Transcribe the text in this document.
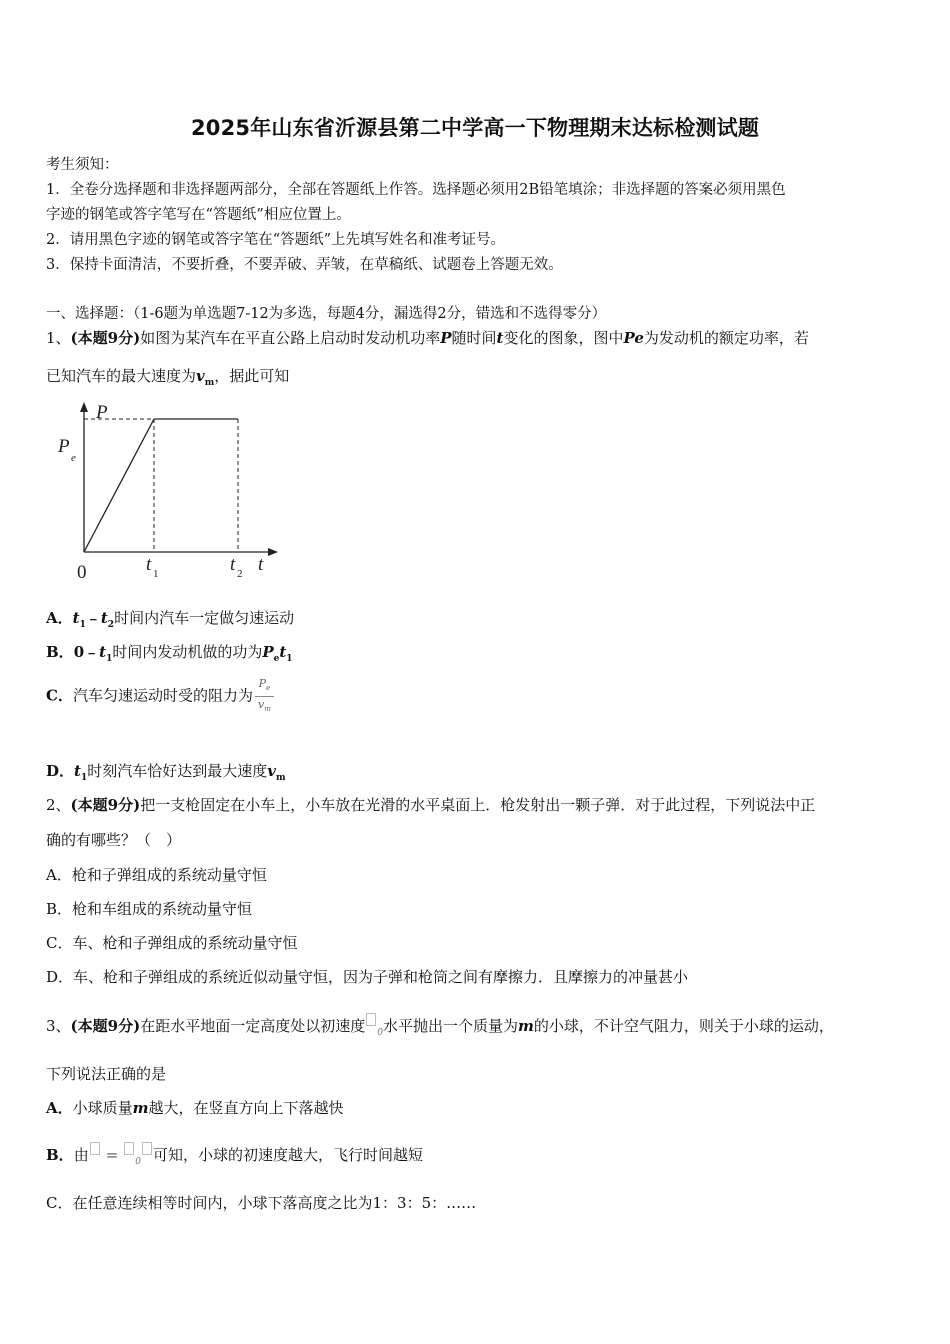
2025年山东省沂源县第二中学高一下物理期末达标检测试题
考生须知：
1．全卷分选择题和非选择题两部分，全部在答题纸上作答。选择题必须用2B铅笔填涂；非选择题的答案必须用黑色
字迹的钢笔或答字笔写在“答题纸”相应位置上。
2．请用黑色字迹的钢笔或答字笔在“答题纸”上先填写姓名和准考证号。
3．保持卡面清洁，不要折叠，不要弄破、弄皱，在草稿纸、试题卷上答题无效。
一、选择题：（1-6题为单选题7-12为多选，每题4分，漏选得2分，错选和不选得零分）
1、(本题9分)如图为某汽车在平直公路上启动时发动机功率P随时间t变化的图象，图中Pe为发动机的额定功率，若
已知汽车的最大速度为$v_m$，据此可知
P
P
e
0	t 1	t 2 t
A．$t_1﹣t_2$时间内汽车一定做匀速运动
B．$0﹣t_1$时间内发动机做的功为$P_et_1$
C．汽车匀速运动时受的阻力为 $\frac{P_e}{v_m}$
D．$t_1$时刻汽车恰好达到最大速度$v_m$
2、(本题9分)把一支枪固定在小车上，小车放在光滑的水平桌面上．枪发射出一颗子弹．对于此过程，下列说法中正
确的有哪些？（　）
A．枪和子弹组成的系统动量守恒
B．枪和车组成的系统动量守恒
C．车、枪和子弹组成的系统动量守恒
D．车、枪和子弹组成的系统近似动量守恒，因为子弹和枪筒之间有摩擦力．且摩擦力的冲量甚小
3、(本题9分)在距水平地面一定高度处以初速度 $_0$水平抛出一个质量为m的小球，不计空气阻力，则关于小球的运动，
下列说法正确的是
A．小球质量m越大，在竖直方向上下落越快
B．由 = $_0$ 可知，小球的初速度越大，飞行时间越短
C．在任意连续相等时间内，小球下落高度之比为1：3：5：……
